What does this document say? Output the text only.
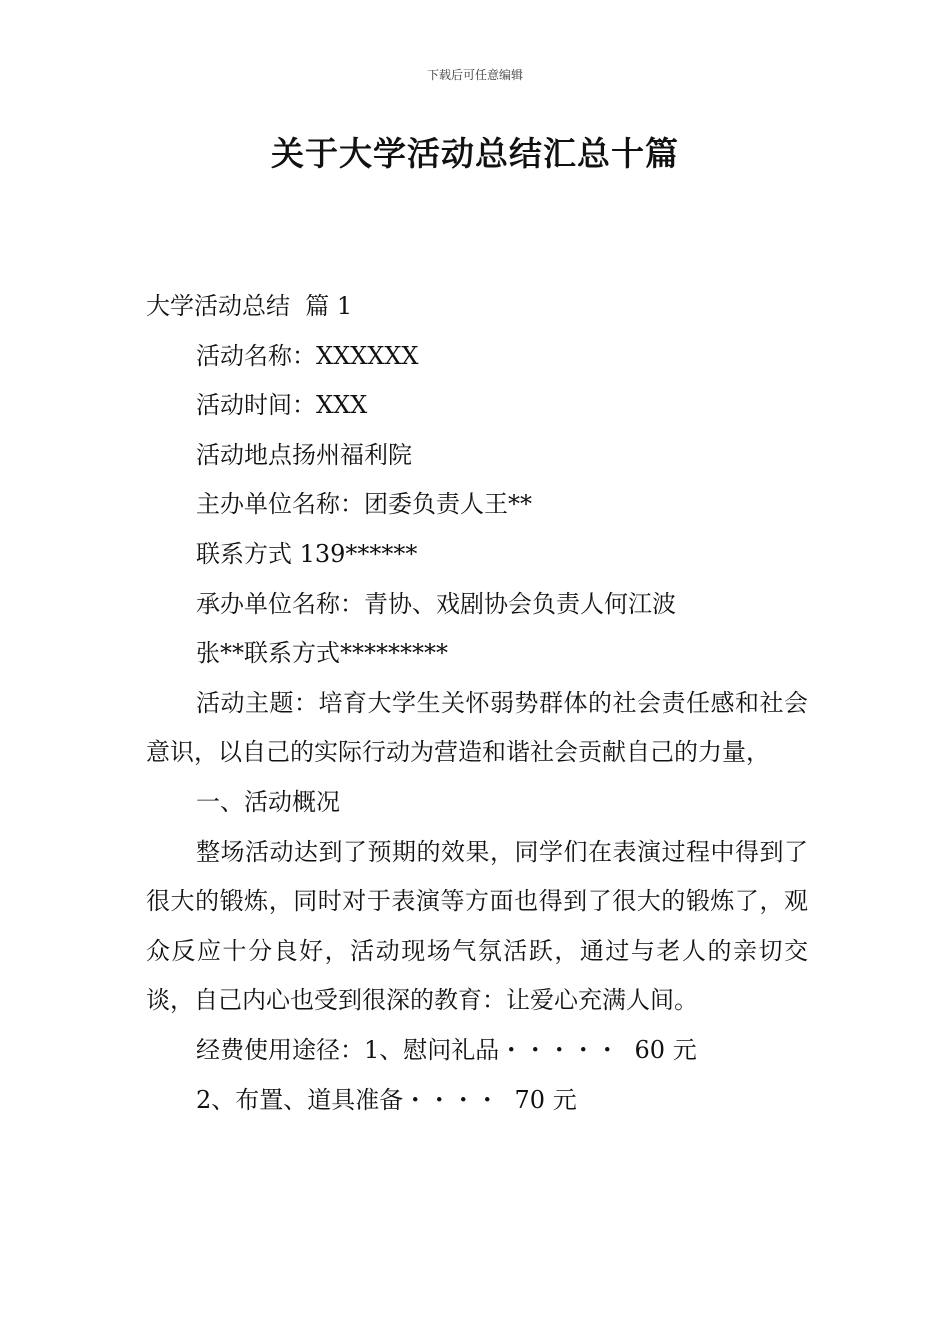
下载后可任意编辑
关于大学活动总结汇总十篇
大学活动总结  篇 1
活动名称：XXXXXX
活动时间：XXX
活动地点扬州福利院
主办单位名称：团委负责人王**
联系方式 139******
承办单位名称：青协、戏剧协会负责人何江波
张**联系方式*********
活动主题：培育大学生关怀弱势群体的社会责任感和社会意识，以自己的实际行动为营造和谐社会贡献自己的力量，
一、活动概况
整场活动达到了预期的效果，同学们在表演过程中得到了很大的锻炼，同时对于表演等方面也得到了很大的锻炼了，观众反应十分良好，活动现场气氛活跃，通过与老人的亲切交谈，自己内心也受到很深的教育：让爱心充满人间。
经费使用途径：1、慰问礼品・・・・・  60 元
2、布置、道具准备・・・・  70 元
